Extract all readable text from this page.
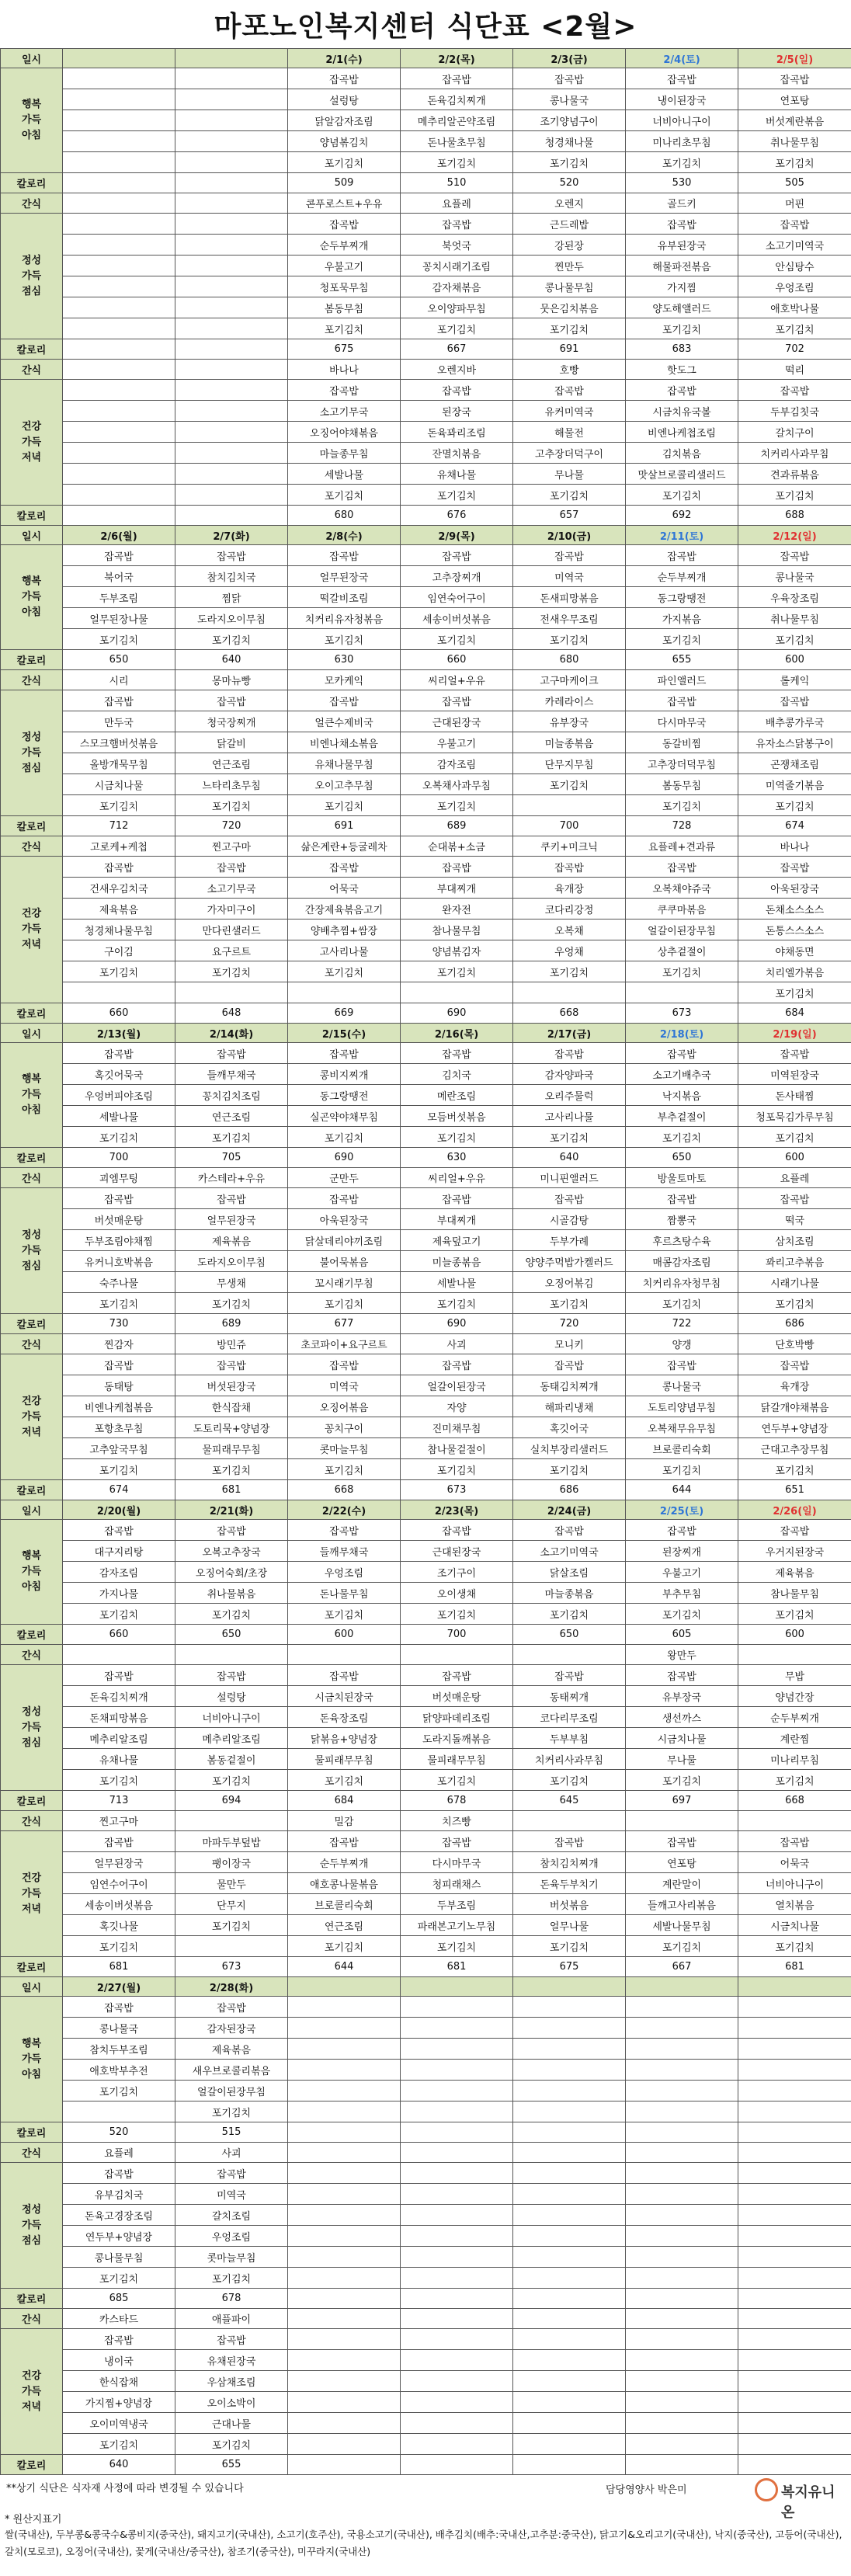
마포노인복지센터 식단표 <2월>
일시			2/1(수)	2/2(목)	2/3(금)	2/4(토)	2/5(일)

행복
가득
아침			잡곡밥	잡곡밥	잡곡밥	잡곡밥	잡곡밥
			설렁탕	돈육김치찌개	콩나물국	냉이된장국	연포탕
			닭알감자조림	메추리알곤약조림	조기양념구이	너비아니구이	버섯계란볶음
			양념볶김치	돈나물초무침	청경채나물	미나리초무침	취나물무침
			포기김치	포기김치	포기김치	포기김치	포기김치
칼로리			509	510	520	530	505
간식			콘푸로스트+우유	요플레	오렌지	골드키	머핀

정성
가득
점심			잡곡밥	잡곡밥	근드레밥	잡곡밥	잡곡밥
			순두부찌개	북엇국	강된장	유부된장국	소고기미역국
			우불고기	꽁치시래기조림	찐만두	해물파전볶음	안심탕수
			청포묵무침	감자채볶음	콩나물무침	가지찜	우엉조림
			봄동무침	오이양파무침	뭇은김치볶음	양도해앨러드	애호박나물
			포기김치	포기김치	포기김치	포기김치	포기김치
칼로리			675	667	691	683	702
간식			바나나	오렌지바	호빵	핫도그	떡리

건강
가득
저녁			잡곡밥	잡곡밥	잡곡밥	잡곡밥	잡곡밥
			소고기무국	된장국	유커미역국	시금치유국볼	두부김칫국
			오징어야채볶음	돈육꽈리조림	해물전	비엔나케첩조림	갈치구이
			마늘종무침	잔멸치볶음	고추장더덕구이	김치볶음	치커리사과무침
			세발나물	유채나물	무나물	맛살브로콜리샐러드	견과류볶음
			포기김치	포기김치	포기김치	포기김치	포기김치
칼로리			680	676	657	692	688
일시	2/6(월)	2/7(화)	2/8(수)	2/9(목)	2/10(금)	2/11(토)	2/12(일)

행복
가득
아침	잡곡밥	잡곡밥	잡곡밥	잡곡밥	잡곡밥	잡곡밥	잡곡밥
	북어국	참치김치국	얼무된장국	고추장찌개	미역국	순두부찌개	콩나물국
	두부조림	찜닭	떡갈비조림	임연숙어구이	돈새피망볶음	동그랑땡전	우육장조림
	얼무된장나물	도라지오이무침	치커리유자청볶음	세송이버섯볶음	전새우무조림	가지볶음	취나물무침
	포기김치	포기김치	포기김치	포기김치	포기김치	포기김치	포기김치
칼로리	650	640	630	660	680	655	600
간식	시리	몽마뉴빵	모카케익	씨리얼+우유	고구마케이크	파인앨러드	롤케익

정성
가득
점심	잡곡밥	잡곡밥	잡곡밥	잡곡밥	카레라이스	잡곡밥	잡곡밥
	만두국	청국장찌개	얼큰수제비국	근대된장국	유부장국	다시마무국	배추콩가루국
	스모크햄버섯볶음	닭갈비	비엔나채소볶음	우불고기	미늘종볶음	동갈비찜	유자소스닭봉구이
	올방개묵무침	연근조림	유채나물무침	감자조림	단무지무침	고추장더덕무침	곤쟁채조림
	시금치나물	느타리초무침	오이고추무침	오복채사과무침	포기김치	봄동무침	미역줄기볶음
	포기김치	포기김치	포기김치	포기김치		포기김치	포기김치
칼로리	712	720	691	689	700	728	674
간식	고로케+케첩	찐고구마	삶은계란+등굴레차	순대볶+소금	쿠키+미크닉	요플레+견과류	바나나

건강
가득
저녁	잡곡밥	잡곡밥	잡곡밥	잡곡밥	잡곡밥	잡곡밥	잡곡밥
	건새우김치국	소고기무국	어묵국	부대찌개	육개장	오복채야쥬국	아욱된장국
	제육볶음	가자미구이	간장제육볶음고기	완자전	코다리강정	쿠쿠마볶음	돈채소스소스
	청경채나물무침	만다린샐러드	양배추찜+쌈장	참나물무침	오복채	얼갈이된장무침	돈통스스소스
	구이김	요구르트	고사리나물	양념볶김자	우엉채	상추겉절이	야채동면
	포기김치	포기김치	포기김치	포기김치	포기김치	포기김치	치리엘가볶음
							포기김치
칼로리	660	648	669	690	668	673	684
일시	2/13(월)	2/14(화)	2/15(수)	2/16(목)	2/17(금)	2/18(토)	2/19(일)

행복
가득
아침	잡곡밥	잡곡밥	잡곡밥	잡곡밥	잡곡밥	잡곡밥	잡곡밥
	혹깃어묵국	들깨무채국	콩비지찌개	김치국	감자양파국	소고기배추국	미역된장국
	우엉버피야조림	꽁치김치조림	동그랑땡전	메란조림	오리주물럭	낙지볶음	돈사태찜
	세발나물	연근조림	실곤약야채무침	모듬버섯볶음	고사리나물	부추겉절이	청포묵김가루무침
	포기김치	포기김치	포기김치	포기김치	포기김치	포기김치	포기김치
칼로리	700	705	690	630	640	650	600
간식	괴엠무팅	카스테라+우유	군만두	씨리얼+우유	미니핀앨러드	방울토마토	요플레

정성
가득
점심	잡곡밥	잡곡밥	잡곡밥	잡곡밥	잡곡밥	잡곡밥	잡곡밥
	버섯매운탕	얼무된장국	아욱된장국	부대찌개	시골감탕	짬뽕국	떡국
	두부조림야채찜	제육볶음	닭살데리야끼조림	제육덮고기	두부가례	후르츠탕수육	삼치조림
	유커니호박볶음	도라지오이무침	불어묵볶음	미늘종볶음	양양주먹밥가켈러드	매콤감자조림	꽈리고추볶음
	숙주나물	무생채	꼬시래기무침	세발나물	오징어볶김	치커리유자청무침	시래기나물
	포기김치	포기김치	포기김치	포기김치	포기김치	포기김치	포기김치
칼로리	730	689	677	690	720	722	686
간식	찐감자	방민쥬	초코파이+요구르트	사괴	모니키	양갱	단호박빵

건강
가득
저녁	잡곡밥	잡곡밥	잡곡밥	잡곡밥	잡곡밥	잡곡밥	잡곡밥
	동태탕	버섯된장국	미역국	얼갈이된장국	동태김치찌개	콩나물국	육개장
	비엔나케첩볶음	한식잡채	오징어볶음	자양	해파리냉채	도토리양념무침	닭갈개야채볶음
	포항초무침	도토리묵+양념장	꽁치구이	진미채무침	혹깃어국	오복채무유무침	연두부+양념장
	고추앞국무침	물피래무무침	콧마늘무침	참나물겉절이	실치부장리샐러드	브로콜리숙회	근대고추장무침
	포기김치	포기김치	포기김치	포기김치	포기김치	포기김치	포기김치
칼로리	674	681	668	673	686	644	651
일시	2/20(월)	2/21(화)	2/22(수)	2/23(목)	2/24(금)	2/25(토)	2/26(일)

행복
가득
아침	잡곡밥	잡곡밥	잡곡밥	잡곡밥	잡곡밥	잡곡밥	잡곡밥
	대구지리탕	오복고추장국	들깨무채국	근대된장국	소고기미역국	된장찌개	우거지된장국
	감자조림	오징어숙회/초장	우엉조림	조기구이	닭살조림	우불고기	제육볶음
	가지나물	취나물볶음	돈나물무침	오이생채	마늘종볶음	부추무침	참나물무침
	포기김치	포기김치	포기김치	포기김치	포기김치	포기김치	포기김치
칼로리	660	650	600	700	650	605	600
간식						왕만두	

정성
가득
점심	잡곡밥	잡곡밥	잡곡밥	잡곡밥	잡곡밥	잡곡밥	무밥
	돈육김치찌개	설렁탕	시금치된장국	버섯매운탕	동태찌개	유부장국	양념간장
	돈채피망볶음	너비아니구이	돈육장조림	닭양파데리조림	코다리무조림	생선까스	순두부찌개
	메추리알조림	메추리알조림	닭볶음+양념장	도라지돌깨볶음	두부부침	시금치나물	계란찜
	유채나물	봄동겉절이	물피래무무침	물피래무무침	치커리사과무침	무나물	미나리무침
	포기김치	포기김치	포기김치	포기김치	포기김치	포기김치	포기김치
칼로리	713	694	684	678	645	697	668
간식	찐고구마		밀감	치즈빵			

건강
가득
저녁	잡곡밥	마파두부덮밥	잡곡밥	잡곡밥	잡곡밥	잡곡밥	잡곡밥
	얼무된장국	팽이장국	순두부찌개	다시마무국	참치김치찌개	연포탕	어묵국
	임연수어구이	물만두	애호콩나물볶음	청피래채스	돈육두부치기	계란말이	너비아니구이
	세송이버섯볶음	단무지	브로콜리숙회	두부조림	버섯볶음	들깨고사리볶음	열치볶음
	혹깃나물	포기김치	연근조림	파래본고기노무침	얼무나물	세발나물무침	시금치나물
	포기김치		포기김치	포기김치	포기김치	포기김치	포기김치
칼로리	681	673	644	681	675	667	681
일시	2/27(월)	2/28(화)					

행복
가득
아침	잡곡밥	잡곡밥					
	콩나물국	감자된장국					
	참치두부조림	제육볶음					
	애호박부추전	새우브로콜리볶음					
	포기김치	얼갈이된장무침					
		포기김치					
칼로리	520	515					
간식	요플레	사괴					

정성
가득
점심	잡곡밥	잡곡밥					
	유부김치국	미역국					
	돈육고경장조림	갈치조림					
	연두부+양념장	우엉조림					
	콩나물무침	콧마늘무침					
	포기김치	포기김치					
칼로리	685	678					
간식	카스타드	애플파이					

건강
가득
저녁	잡곡밥	잡곡밥					
	냉이국	유채된장국					
	한식잡채	우삼채조림					
	가지찜+양념장	오이소박이					
	오이미역냉국	근대나물					
	포기김치	포기김치					
칼로리	640	655					
**상기 식단은 식자재 사정에 따라 변경될 수 있습니다	담당영양사 박은미	복지유니온
* 원산지표기
쌀(국내산), 두부콩&콩국수&콩비지(중국산), 돼지고기(국내산), 소고기(호주산), 국용소고기(국내산), 배추김치(배추:국내산,고추분:중국산), 닭고기&오리고기(국내산), 낙지(중국산), 고등어(국내산), 갈치(모로코), 오징어(국내산), 꽃게(국내산/중국산), 참조기(중국산), 미꾸라지(국내산)
